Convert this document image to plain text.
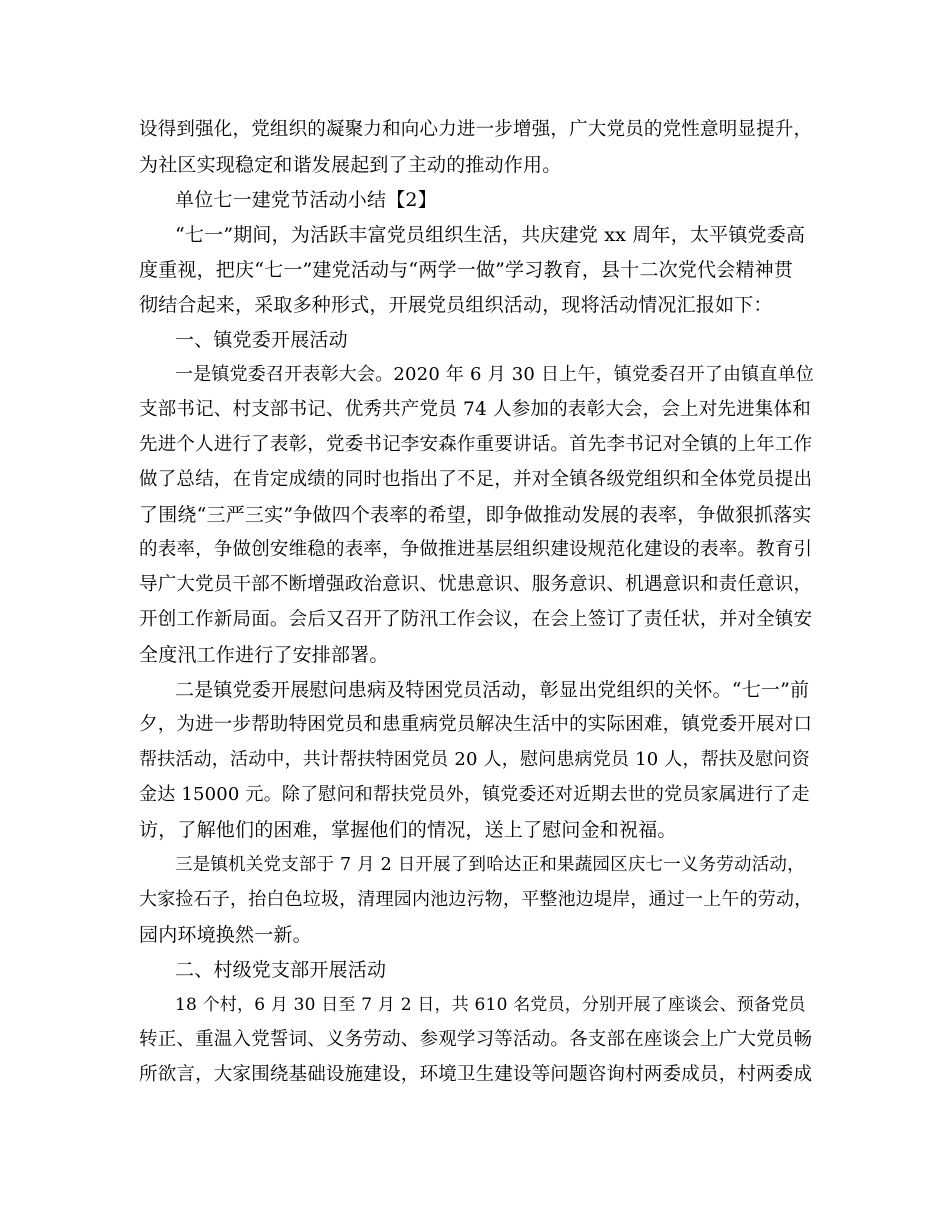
设得到强化，党组织的凝聚力和向心力进一步增强，广大党员的党性意明显提升，
为社区实现稳定和谐发展起到了主动的推动作用。
单位七一建党节活动小结【2】
“七一”期间，为活跃丰富党员组织生活，共庆建党 xx 周年，太平镇党委高
度重视，把庆“七一”建党活动与“两学一做”学习教育，县十二次党代会精神贯
彻结合起来，采取多种形式，开展党员组织活动，现将活动情况汇报如下：
一、镇党委开展活动
一是镇党委召开表彰大会。2020 年 6 月 30 日上午，镇党委召开了由镇直单位
支部书记、村支部书记、优秀共产党员 74 人参加的表彰大会，会上对先进集体和
先进个人进行了表彰，党委书记李安森作重要讲话。首先李书记对全镇的上年工作
做了总结，在肯定成绩的同时也指出了不足，并对全镇各级党组织和全体党员提出
了围绕“三严三实”争做四个表率的希望，即争做推动发展的表率，争做狠抓落实
的表率，争做创安维稳的表率，争做推进基层组织建设规范化建设的表率。教育引
导广大党员干部不断增强政治意识、忧患意识、服务意识、机遇意识和责任意识，
开创工作新局面。会后又召开了防汛工作会议，在会上签订了责任状，并对全镇安
全度汛工作进行了安排部署。
二是镇党委开展慰问患病及特困党员活动，彰显出党组织的关怀。“七一”前
夕，为进一步帮助特困党员和患重病党员解决生活中的实际困难，镇党委开展对口
帮扶活动，活动中，共计帮扶特困党员 20 人，慰问患病党员 10 人，帮扶及慰问资
金达 15000 元。除了慰问和帮扶党员外，镇党委还对近期去世的党员家属进行了走
访，了解他们的困难，掌握他们的情况，送上了慰问金和祝福。
三是镇机关党支部于 7 月 2 日开展了到哈达正和果蔬园区庆七一义务劳动活动，
大家捡石子，抬白色垃圾，清理园内池边污物，平整池边堤岸，通过一上午的劳动，
园内环境换然一新。
二、村级党支部开展活动
18 个村，6 月 30 日至 7 月 2 日，共 610 名党员，分别开展了座谈会、预备党员
转正、重温入党誓词、义务劳动、参观学习等活动。各支部在座谈会上广大党员畅
所欲言，大家围绕基础设施建设，环境卫生建设等问题咨询村两委成员，村两委成
